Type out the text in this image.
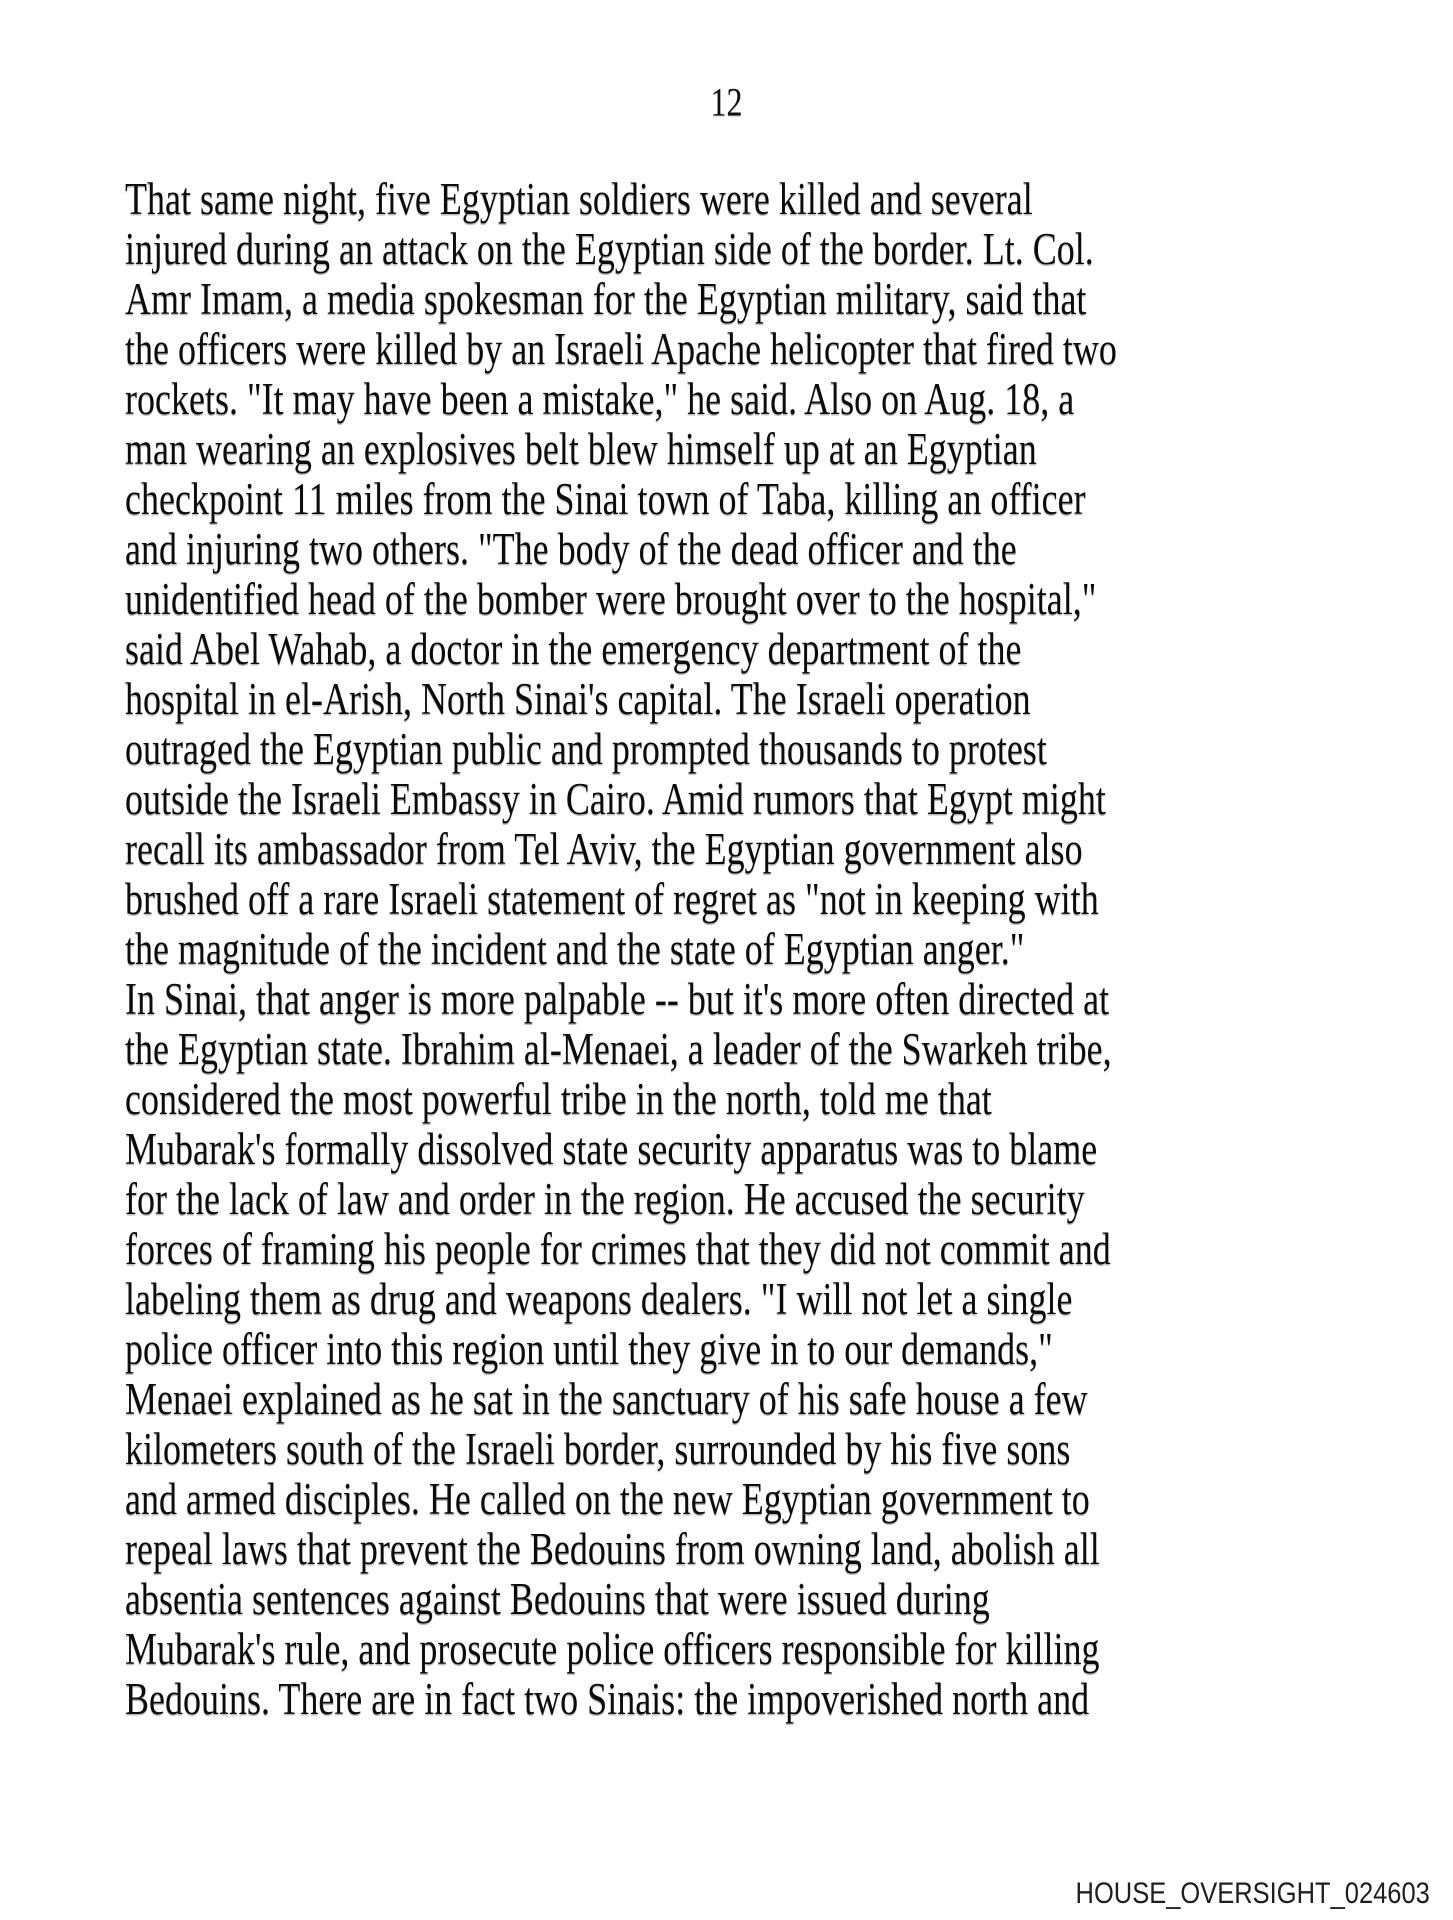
12
That same night, five Egyptian soldiers were killed and several
injured during an attack on the Egyptian side of the border. Lt. Col.
Amr Imam, a media spokesman for the Egyptian military, said that
the officers were killed by an Israeli Apache helicopter that fired two
rockets. "It may have been a mistake," he said. Also on Aug. 18, a
man wearing an explosives belt blew himself up at an Egyptian
checkpoint 11 miles from the Sinai town of Taba, killing an officer
and injuring two others. "The body of the dead officer and the
unidentified head of the bomber were brought over to the hospital,"
said Abel Wahab, a doctor in the emergency department of the
hospital in el-Arish, North Sinai's capital. The Israeli operation
outraged the Egyptian public and prompted thousands to protest
outside the Israeli Embassy in Cairo. Amid rumors that Egypt might
recall its ambassador from Tel Aviv, the Egyptian government also
brushed off a rare Israeli statement of regret as "not in keeping with
the magnitude of the incident and the state of Egyptian anger."
In Sinai, that anger is more palpable -- but it's more often directed at
the Egyptian state. Ibrahim al-Menaei, a leader of the Swarkeh tribe,
considered the most powerful tribe in the north, told me that
Mubarak's formally dissolved state security apparatus was to blame
for the lack of law and order in the region. He accused the security
forces of framing his people for crimes that they did not commit and
labeling them as drug and weapons dealers. "I will not let a single
police officer into this region until they give in to our demands,"
Menaei explained as he sat in the sanctuary of his safe house a few
kilometers south of the Israeli border, surrounded by his five sons
and armed disciples. He called on the new Egyptian government to
repeal laws that prevent the Bedouins from owning land, abolish all
absentia sentences against Bedouins that were issued during
Mubarak's rule, and prosecute police officers responsible for killing
Bedouins. There are in fact two Sinais: the impoverished north and
HOUSE_OVERSIGHT_024603
